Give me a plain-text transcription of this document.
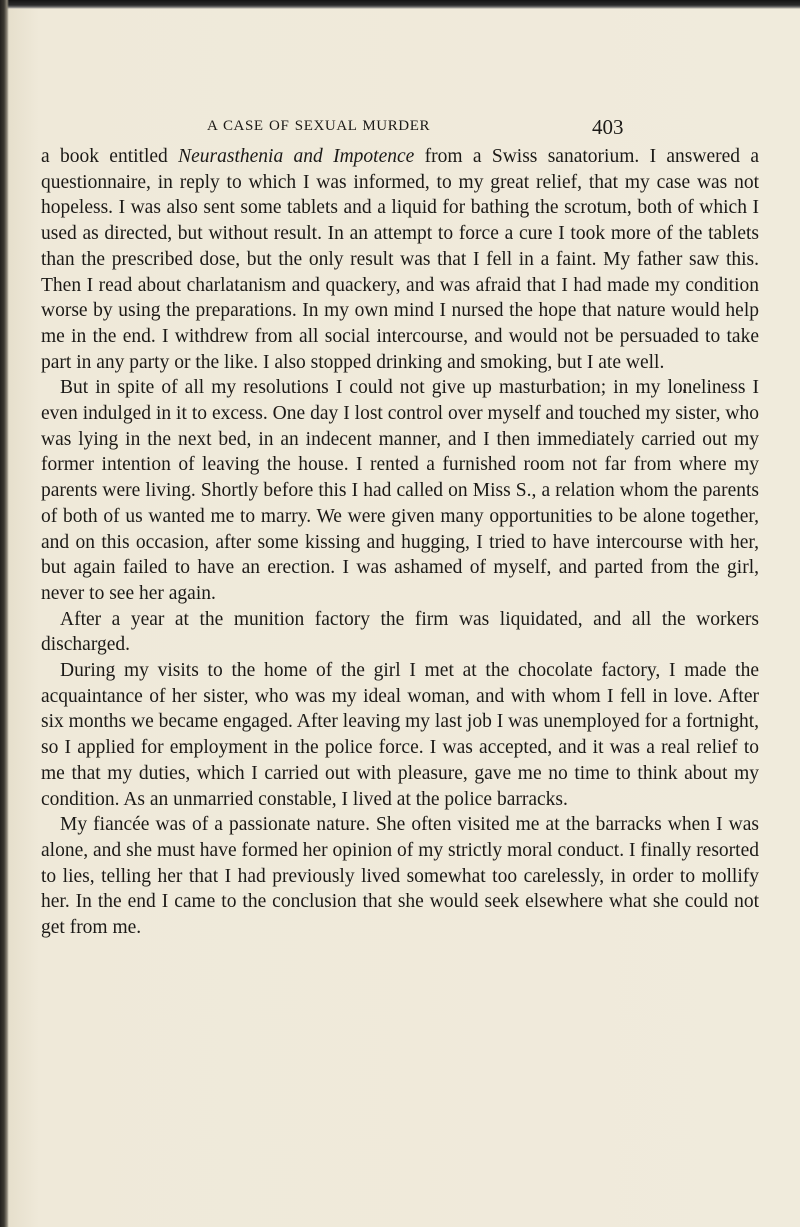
A CASE OF SEXUAL MURDER	403

a book entitled Neurasthenia and Impotence from a Swiss sanatorium. I answered a questionnaire, in reply to which I was informed, to my great relief, that my case was not hopeless. I was also sent some tablets and a liquid for bathing the scrotum, both of which I used as directed, but without result. In an attempt to force a cure I took more of the tablets than the prescribed dose, but the only result was that I fell in a faint. My father saw this. Then I read about charlatanism and quackery, and was afraid that I had made my condition worse by using the preparations. In my own mind I nursed the hope that nature would help me in the end. I withdrew from all social intercourse, and would not be persuaded to take part in any party or the like. I also stopped drinking and smoking, but I ate well.

But in spite of all my resolutions I could not give up masturbation; in my loneliness I even indulged in it to excess. One day I lost control over myself and touched my sister, who was lying in the next bed, in an indecent manner, and I then immediately carried out my former intention of leaving the house. I rented a furnished room not far from where my parents were living. Shortly before this I had called on Miss S., a relation whom the parents of both of us wanted me to marry. We were given many opportunities to be alone together, and on this occasion, after some kissing and hugging, I tried to have intercourse with her, but again failed to have an erection. I was ashamed of myself, and parted from the girl, never to see her again.

After a year at the munition factory the firm was liquidated, and all the workers discharged.

During my visits to the home of the girl I met at the chocolate factory, I made the acquaintance of her sister, who was my ideal woman, and with whom I fell in love. After six months we became engaged. After leaving my last job I was unemployed for a fortnight, so I applied for employment in the police force. I was accepted, and it was a real relief to me that my duties, which I carried out with pleasure, gave me no time to think about my condition. As an unmarried constable, I lived at the police barracks.

My fiancée was of a passionate nature. She often visited me at the barracks when I was alone, and she must have formed her opinion of my strictly moral conduct. I finally resorted to lies, telling her that I had previously lived somewhat too carelessly, in order to mollify her. In the end I came to the conclusion that she would seek elsewhere what she could not get from me.
